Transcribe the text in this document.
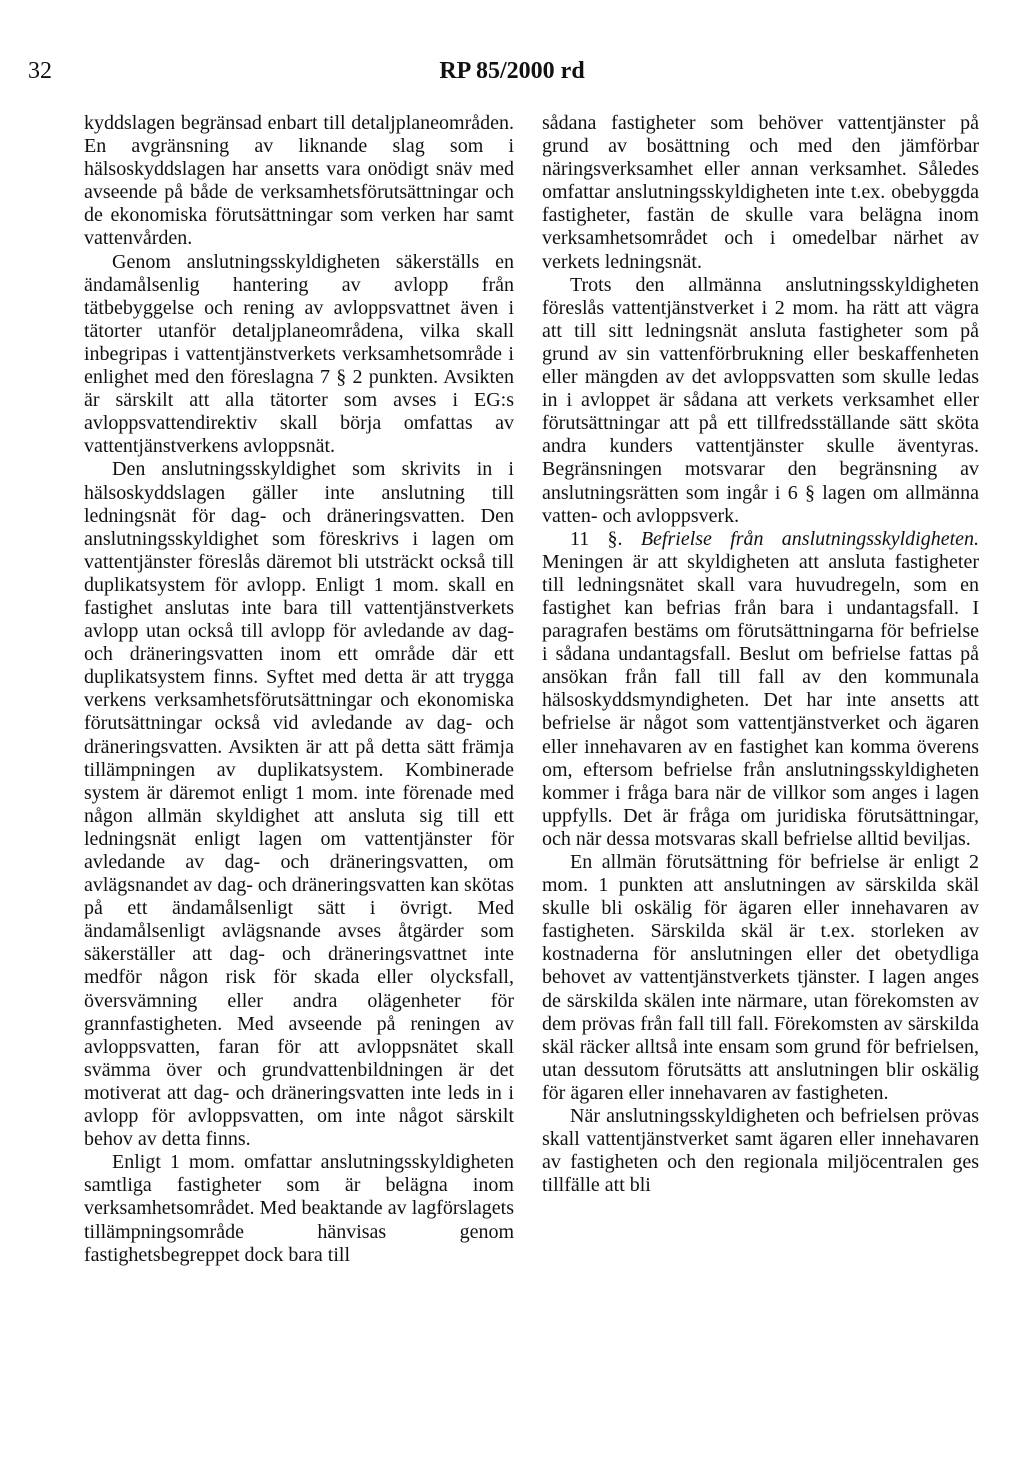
32	RP 85/2000 rd

kyddslagen begränsad enbart till detaljplaneområden. En avgränsning av liknande slag som i hälsoskyddslagen har ansetts vara onödigt snäv med avseende på både de verksamhetsförutsättningar och de ekonomiska förutsättningar som verken har samt vattenvården.

Genom anslutningsskyldigheten säkerställs en ändamålsenlig hantering av avlopp från tätbebyggelse och rening av avloppsvattnet även i tätorter utanför detaljplaneområdena, vilka skall inbegripas i vattentjänstverkets verksamhetsområde i enlighet med den föreslagna 7 § 2 punkten. Avsikten är särskilt att alla tätorter som avses i EG:s avloppsvattendirektiv skall börja omfattas av vattentjänstverkens avloppsnät.

Den anslutningsskyldighet som skrivits in i hälsoskyddslagen gäller inte anslutning till ledningsnät för dag- och dräneringsvatten. Den anslutningsskyldighet som föreskrivs i lagen om vattentjänster föreslås däremot bli utsträckt också till duplikatsystem för avlopp. Enligt 1 mom. skall en fastighet anslutas inte bara till vattentjänstverkets avlopp utan också till avlopp för avledande av dag- och dräneringsvatten inom ett område där ett duplikatsystem finns. Syftet med detta är att trygga verkens verksamhetsförutsättningar och ekonomiska förutsättningar också vid avledande av dag- och dräneringsvatten. Avsikten är att på detta sätt främja tillämpningen av duplikatsystem. Kombinerade system är däremot enligt 1 mom. inte förenade med någon allmän skyldighet att ansluta sig till ett ledningsnät enligt lagen om vattentjänster för avledande av dag- och dräneringsvatten, om avlägsnandet av dag- och dräneringsvatten kan skötas på ett ändamålsenligt sätt i övrigt. Med ändamålsenligt avlägsnande avses åtgärder som säkerställer att dag- och dräneringsvattnet inte medför någon risk för skada eller olycksfall, översvämning eller andra olägenheter för grannfastigheten. Med avseende på reningen av avloppsvatten, faran för att avloppsnätet skall svämma över och grundvattenbildningen är det motiverat att dag- och dräneringsvatten inte leds in i avlopp för avloppsvatten, om inte något särskilt behov av detta finns.

Enligt 1 mom. omfattar anslutningsskyldigheten samtliga fastigheter som är belägna inom verksamhetsområdet. Med beaktande av lagförslagets tillämpningsområde hänvisas genom fastighetsbegreppet dock bara till

sådana fastigheter som behöver vattentjänster på grund av bosättning och med den jämförbar näringsverksamhet eller annan verksamhet. Således omfattar anslutningsskyldigheten inte t.ex. obebyggda fastigheter, fastän de skulle vara belägna inom verksamhetsområdet och i omedelbar närhet av verkets ledningsnät.

Trots den allmänna anslutningsskyldigheten föreslås vattentjänstverket i 2 mom. ha rätt att vägra att till sitt ledningsnät ansluta fastigheter som på grund av sin vattenförbrukning eller beskaffenheten eller mängden av det avloppsvatten som skulle ledas in i avloppet är sådana att verkets verksamhet eller förutsättningar att på ett tillfredsställande sätt sköta andra kunders vattentjänster skulle äventyras. Begränsningen motsvarar den begränsning av anslutningsrätten som ingår i 6 § lagen om allmänna vatten- och avloppsverk.

11 §. Befrielse från anslutningsskyldigheten. Meningen är att skyldigheten att ansluta fastigheter till ledningsnätet skall vara huvudregeln, som en fastighet kan befrias från bara i undantagsfall. I paragrafen bestäms om förutsättningarna för befrielse i sådana undantagsfall. Beslut om befrielse fattas på ansökan från fall till fall av den kommunala hälsoskyddsmyndigheten. Det har inte ansetts att befrielse är något som vattentjänstverket och ägaren eller innehavaren av en fastighet kan komma överens om, eftersom befrielse från anslutningsskyldigheten kommer i fråga bara när de villkor som anges i lagen uppfylls. Det är fråga om juridiska förutsättningar, och när dessa motsvaras skall befrielse alltid beviljas.

En allmän förutsättning för befrielse är enligt 2 mom. 1 punkten att anslutningen av särskilda skäl skulle bli oskälig för ägaren eller innehavaren av fastigheten. Särskilda skäl är t.ex. storleken av kostnaderna för anslutningen eller det obetydliga behovet av vattentjänstverkets tjänster. I lagen anges de särskilda skälen inte närmare, utan förekomsten av dem prövas från fall till fall. Förekomsten av särskilda skäl räcker alltså inte ensam som grund för befrielsen, utan dessutom förutsätts att anslutningen blir oskälig för ägaren eller innehavaren av fastigheten.

När anslutningsskyldigheten och befrielsen prövas skall vattentjänstverket samt ägaren eller innehavaren av fastigheten och den regionala miljöcentralen ges tillfälle att bli
